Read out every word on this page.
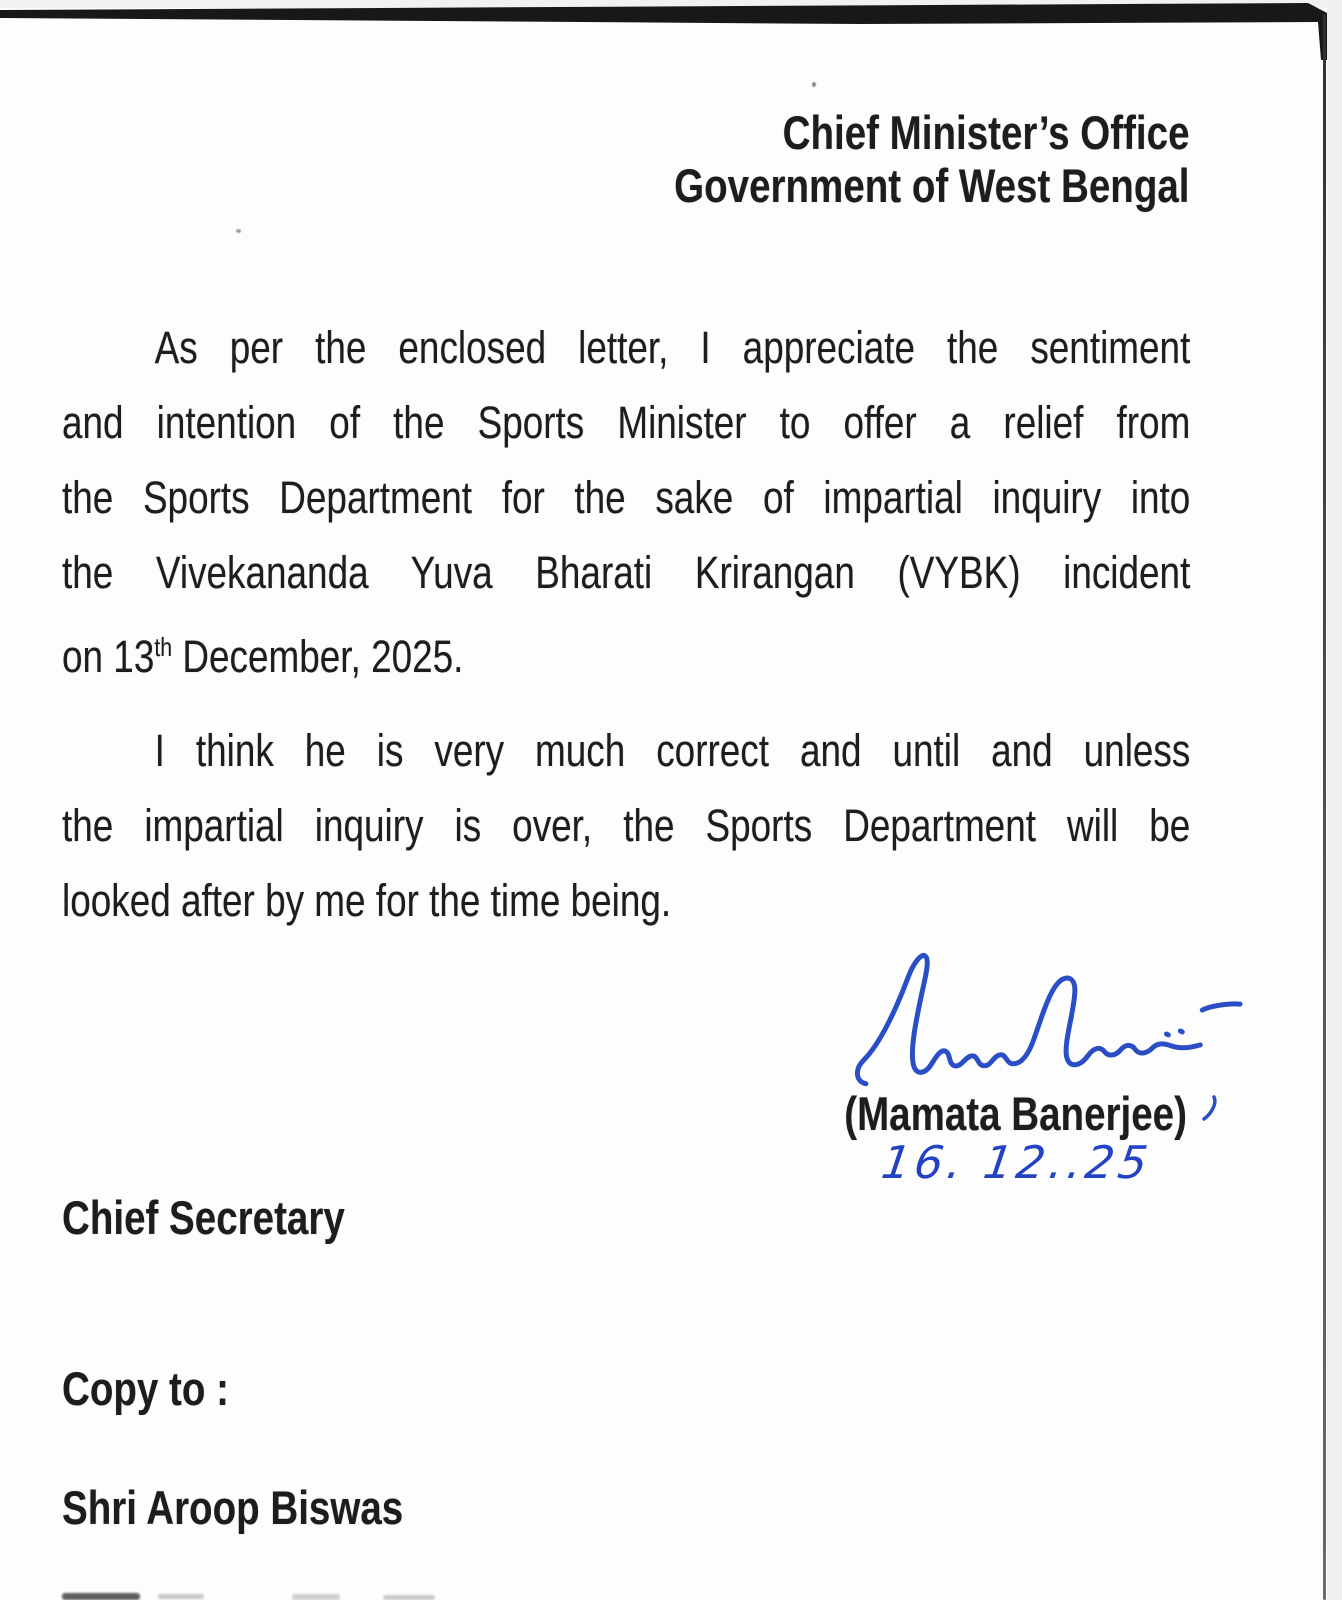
Chief Minister’s Office
Government of West Bengal
As per the enclosed letter, I appreciate the sentiment
and intention of the Sports Minister to offer a relief from
the Sports Department for the sake of impartial inquiry into
the Vivekananda Yuva Bharati Krirangan (VYBK) incident
on 13th December, 2025.
I think he is very much correct and until and unless
the impartial inquiry is over, the Sports Department will be
looked after by me for the time being.
(Mamata Banerjee)
16. 12..25
Chief Secretary
Copy to :
Shri Aroop Biswas
